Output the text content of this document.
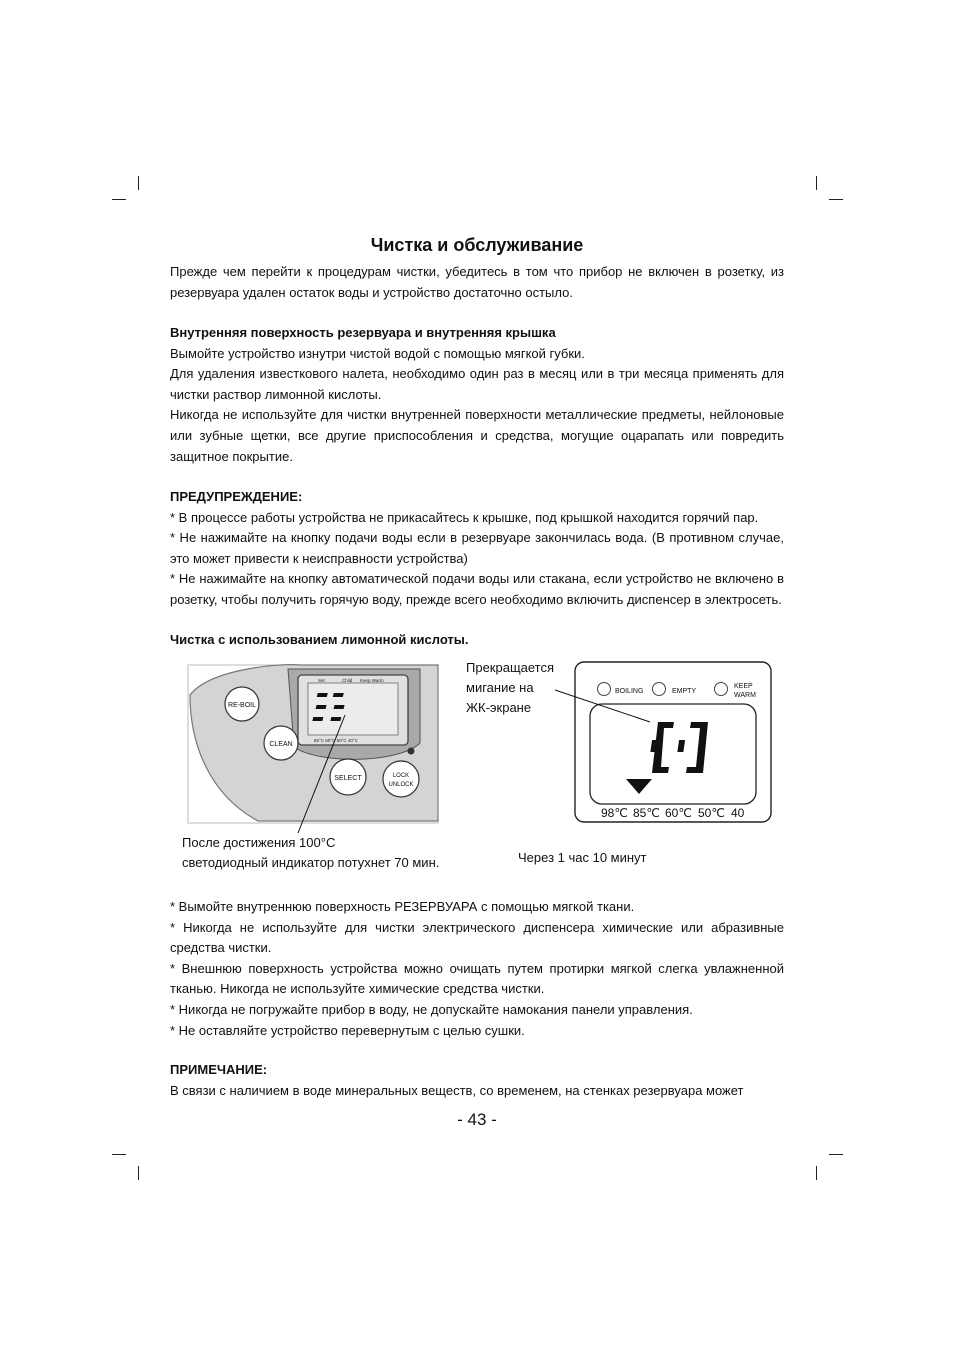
Чистка и обслуживание

Прежде чем перейти к процедурам чистки, убедитесь в том что прибор не включен в розетку, из резервуара удален остаток воды и устройство достаточно остыло.

Внутренняя поверхность резервуара и внутренняя крышка

Вымойте устройство изнутри чистой водой с помощью мягкой губки.

Для удаления известкового налета, необходимо один раз в месяц или в три месяца применять для чистки раствор лимонной кислоты.

Никогда не используйте для чистки внутренней поверхности металлические предметы, нейлоновые или зубные щетки, все другие приспособления и средства, могущие оцарапать или повредить защитное покрытие.

ПРЕДУПРЕЖДЕНИЕ:

* В процессе работы устройства не прикасайтесь к крышке, под крышкой находится горячий пар.

* Не нажимайте на кнопку подачи воды если в резервуаре закончилась вода. (В противном случае, это может привести к неисправности устройства)

* Не нажимайте на кнопку автоматической подачи воды или стакана, если устройство не включено в розетку, чтобы получить горячую воду, прежде всего необходимо включить диспенсер в электросеть.

Чистка с использованием лимонной кислоты.
Set	Child Keep Warm
85°C 60°C 50°C 40°C
RE-BOIL
CLEAN
SELECT	LOCK
UNLOCK
BOILING	EMPTY
KEEP
WARM
98℃ 85℃ 60℃ 50℃ 40
Прекращается
мигание на
ЖК-экране
После достижения 100°С
светодиодный индикатор потухнет 70 мин.	Через 1 час 10 минут

* Вымойте внутреннюю поверхность РЕЗЕРВУАРА с помощью мягкой ткани.

* Никогда не используйте для чистки электрического диспенсера химические или абразивные средства чистки.

* Внешнюю поверхность устройства можно очищать путем протирки мягкой слегка увлажненной тканью. Никогда не используйте химические средства чистки.

* Никогда не погружайте прибор в воду, не допускайте намокания панели управления.

* Не оставляйте устройство перевернутым с целью сушки.

ПРИМЕЧАНИЕ:

В связи с наличием в воде минеральных веществ, со временем, на стенках резервуара может

- 43 -
